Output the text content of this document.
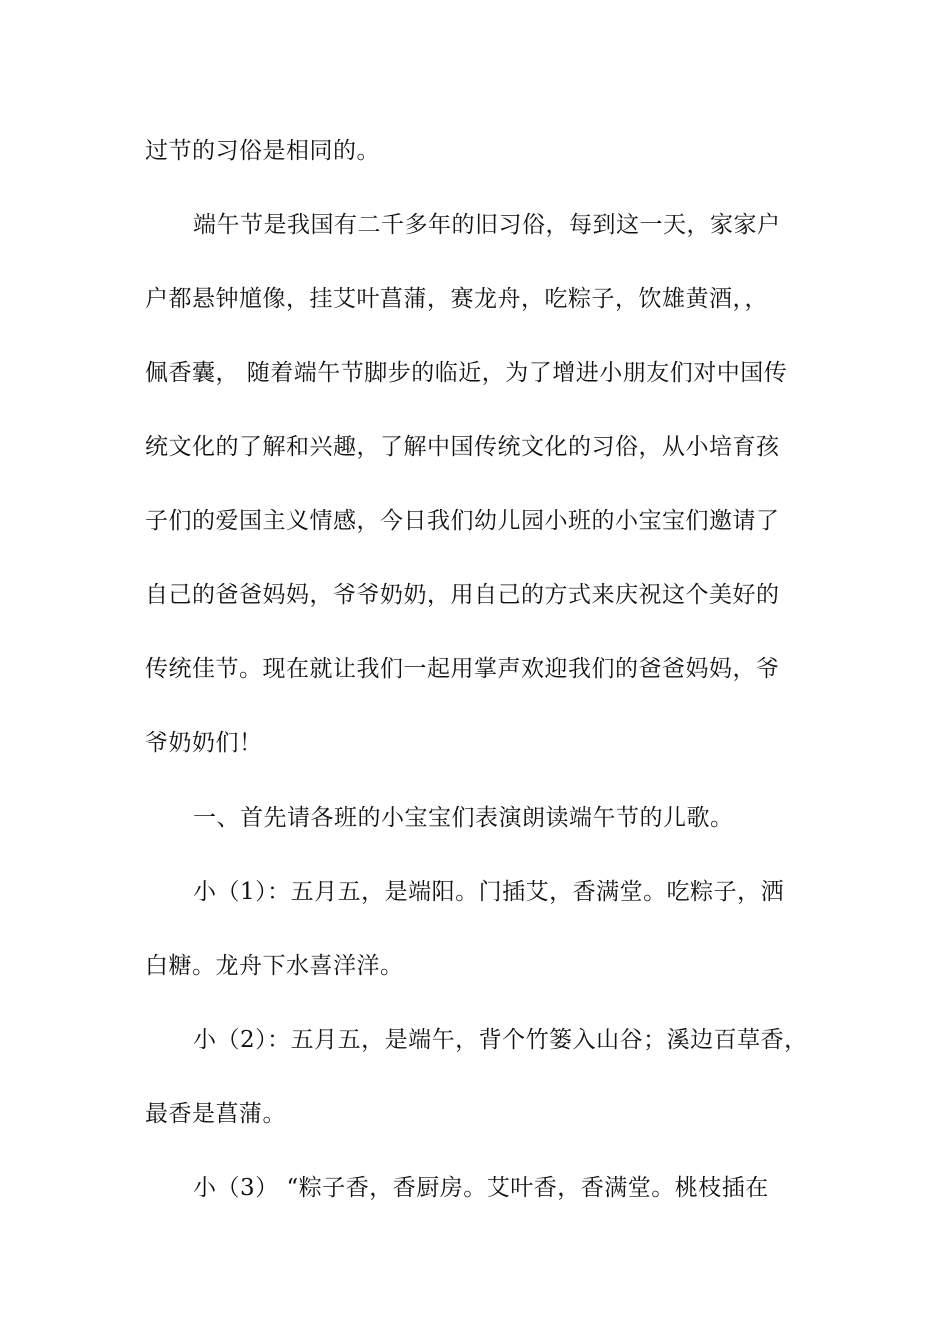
过节的习俗是相同的。
端午节是我国有二千多年的旧习俗，每到这一天，家家户
户都悬钟馗像，挂艾叶菖蒲，赛龙舟，吃粽子，饮雄黄酒，，
佩香囊， 随着端午节脚步的临近，为了增进小朋友们对中国传
统文化的了解和兴趣，了解中国传统文化的习俗，从小培育孩
子们的爱国主义情感，今日我们幼儿园小班的小宝宝们邀请了
自己的爸爸妈妈，爷爷奶奶，用自己的方式来庆祝这个美好的
传统佳节。现在就让我们一起用掌声欢迎我们的爸爸妈妈，爷
爷奶奶们！
一、首先请各班的小宝宝们表演朗读端午节的儿歌。
小（1）：五月五，是端阳。门插艾，香满堂。吃粽子，洒
白糖。龙舟下水喜洋洋。
小（2）：五月五，是端午，背个竹篓入山谷；溪边百草香，
最香是菖蒲。
小（3） “粽子香，香厨房。艾叶香，香满堂。桃枝插在
